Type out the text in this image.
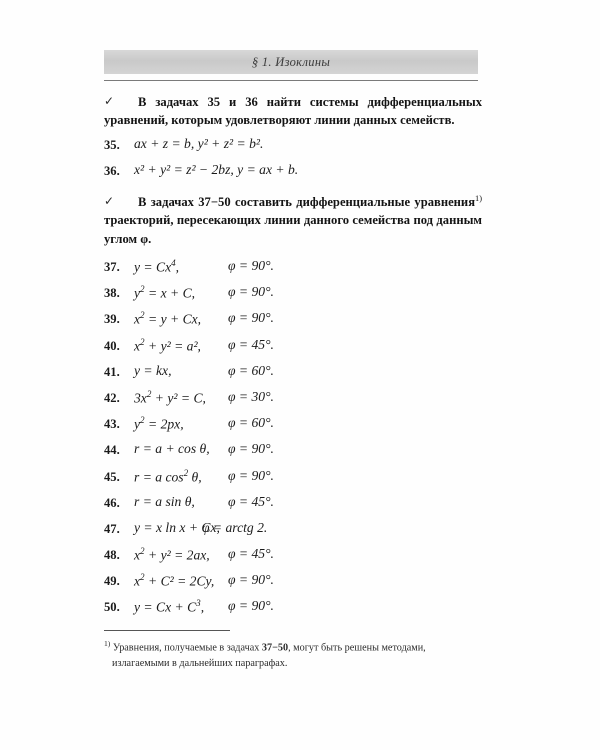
§ 1. Изоклины
✓	В задачах 35 и 36 найти системы дифференциальных уравнений, которым удовлетворяют линии данных семейств.
35. ax + z = b, y² + z² = b².
36. x² + y² = z² − 2bz, y = ax + b.
✓	В задачах 37−50 составить дифференциальные уравнения$^{1)}$ траекторий, пересекающих линии данного семейства под данным углом φ.
37. $y = Cx^4$,	φ = 90°.
38. $y^2 = x + C$, φ = 90°.
39. $x^2 = y + Cx$, φ = 90°.
40. $x^2 + y^2 = a^2$, φ = 45°.
41. y = kx,	φ = 60°.
42. $3x^2 + y^2 = C$, φ = 30°.
43. $y^2 = 2px$,	φ = 60°.
44. r = a + cos θ, φ = 90°.
45. r = a $\cos^2 \theta$, φ = 90°.
46. r = a sin θ, φ = 45°.
47. y = x ln x + Cx,
φ = arctg 2.
48. $x^2 + y^2 = 2ax$, φ = 45°.
49. $x^2 + C^2 = 2Cy$, φ = 90°.
50. $y = Cx + C^3$, φ = 90°.
$^{1)}$ Уравнения, получаемые в задачах 37−50, могут быть решены методами,
излагаемыми в дальнейших параграфах.
